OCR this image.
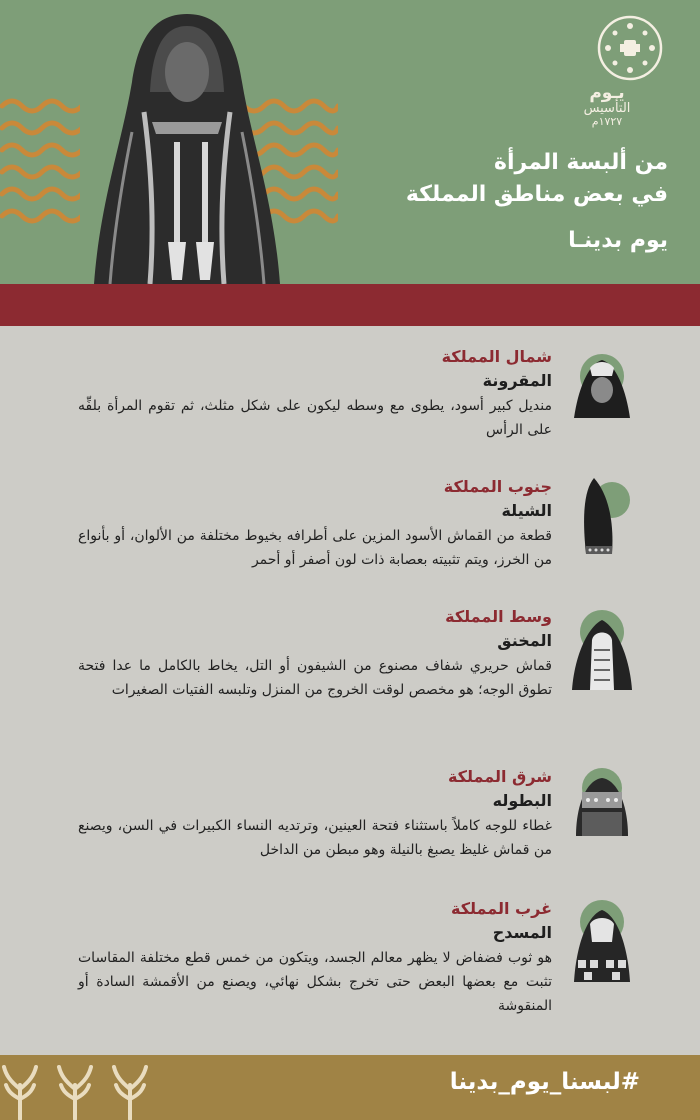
يـوم
التأسيس
١٧٢٧م
من ألبسة المرأة
في بعض مناطق المملكة
يوم بدينـا
شمال المملكة
المقرونة
منديل كبير أسود، يطوى مع وسطه ليكون على شكل مثلث، ثم تقوم المرأة بلفِّه على الرأس
جنوب المملكة
الشيلة
قطعة من القماش الأسود المزين على أطرافه بخيوط مختلفة من الألوان، أو بأنواع من الخرز، ويتم تثبيته بعصابة ذات لون أصفر أو أحمر
وسط المملكة
المخنق
قماش حريري شفاف مصنوع من الشيفون أو التل، يخاط بالكامل ما عدا فتحة تطوق الوجه؛ هو مخصص لوقت الخروج من المنزل وتلبسه الفتيات الصغيرات
شرق المملكة
البطوله
غطاء للوجه كاملاً باستثناء فتحة العينين، وترتديه النساء الكبيرات في السن، ويصنع من قماش غليظ يصبغ بالنيلة وهو مبطن من الداخل
غرب المملكة
المسدح
هو ثوب فضفاض لا يظهر معالم الجسد، ويتكون من خمس قطع مختلفة المقاسات تثبت مع بعضها البعض حتى تخرج بشكل نهائي، ويصنع من الأقمشة السادة أو المنقوشة
#لبسنا_يوم_بدينا
